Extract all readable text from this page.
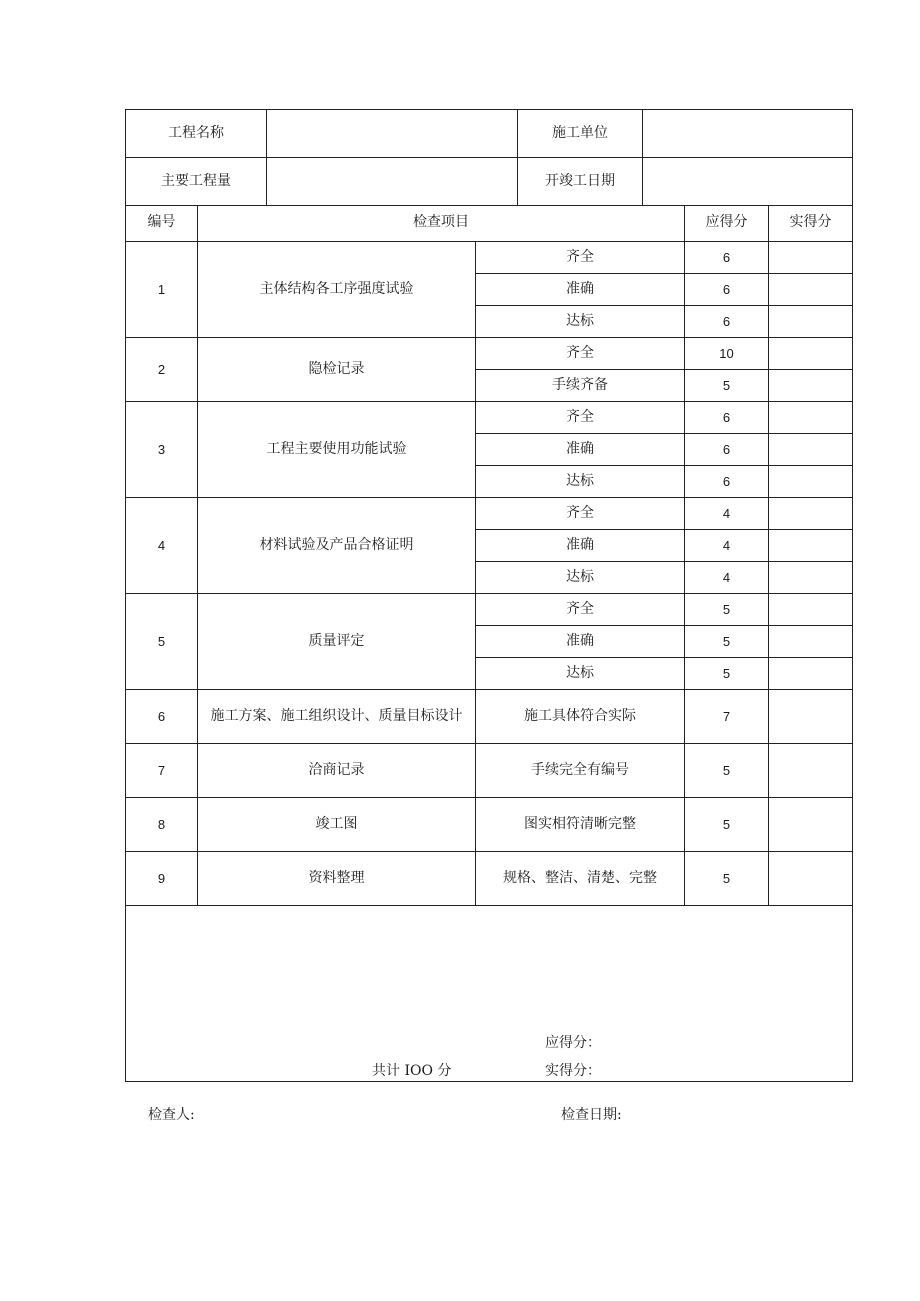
工程名称		施工单位	
主要工程量		开竣工日期	
编号	检查项目		应得分	实得分
1	主体结构各工序强度试验	齐全	6	
		准确	6	
		达标	6	
2	隐检记录	齐全	10	
		手续齐备	5	
3	工程主要使用功能试验	齐全	6	
		准确	6	
		达标	6	
4	材料试验及产品合格证明	齐全	4	
		准确	4	
		达标	4	
5	质量评定	齐全	5	
		准确	5	
		达标	5	
6	施工方案、施工组织设计、质量目标设计	施工具体符合实际	7	
7	洽商记录	手续完全有编号	5	
8	竣工图	图实相符清晰完整	5	
9	资料整理	规格、整洁、清楚、完整	5	

应得分：
共计 IOO 分 实得分：				
检查人:	检查日期:
